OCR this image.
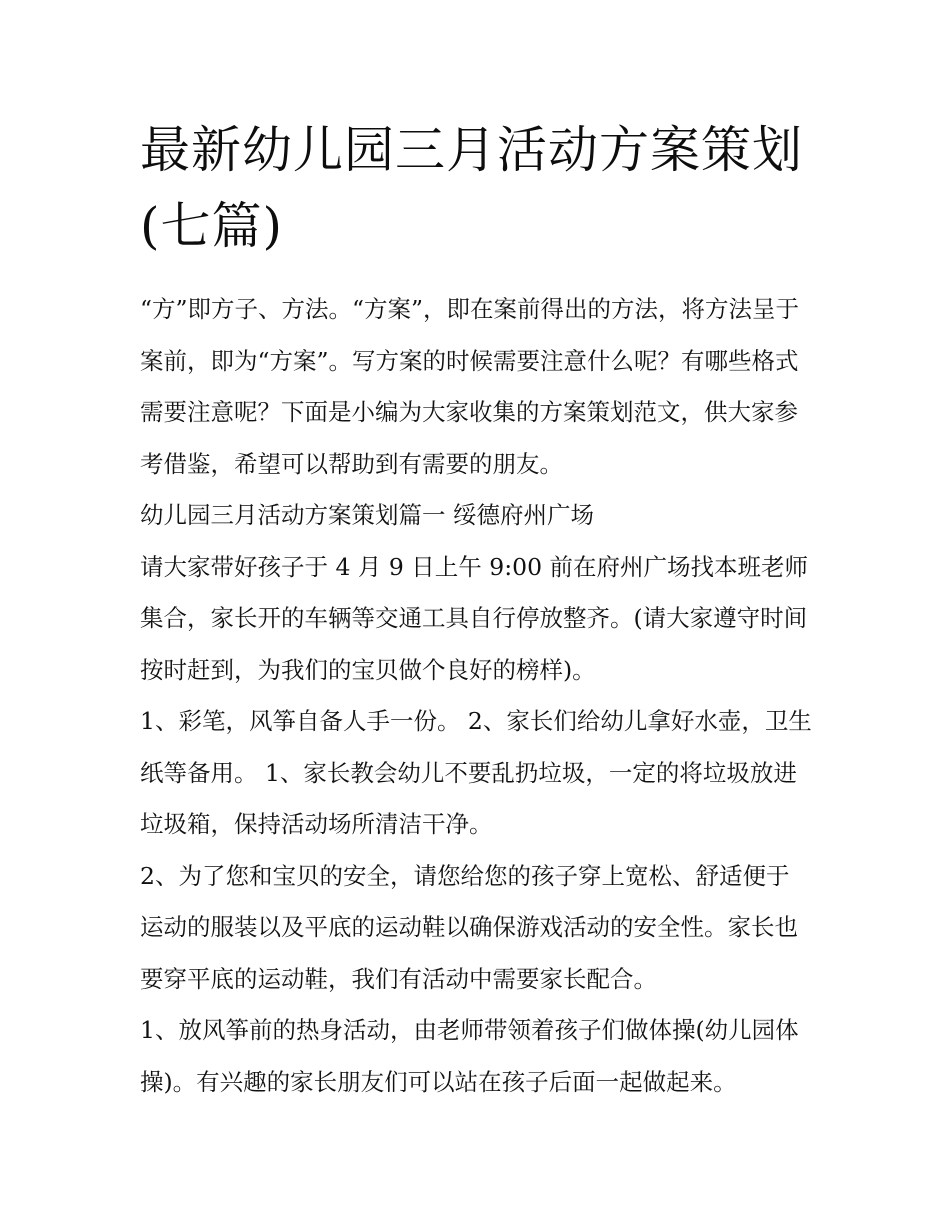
最新幼儿园三月活动方案策划(七篇)

“方”即方子、方法。“方案”，即在案前得出的方法，将方法呈于案前，即为“方案”。写方案的时候需要注意什么呢？有哪些格式需要注意呢？下面是小编为大家收集的方案策划范文，供大家参考借鉴，希望可以帮助到有需要的朋友。

幼儿园三月活动方案策划篇一 绥德府州广场

请大家带好孩子于 4 月 9 日上午 9:00 前在府州广场找本班老师集合，家长开的车辆等交通工具自行停放整齐。(请大家遵守时间按时赶到，为我们的宝贝做个良好的榜样)。

1、彩笔，风筝自备人手一份。 2、家长们给幼儿拿好水壶，卫生纸等备用。 1、家长教会幼儿不要乱扔垃圾，一定的将垃圾放进垃圾箱，保持活动场所清洁干净。

2、为了您和宝贝的安全，请您给您的孩子穿上宽松、舒适便于运动的服装以及平底的运动鞋以确保游戏活动的安全性。家长也要穿平底的运动鞋，我们有活动中需要家长配合。

1、放风筝前的热身活动，由老师带领着孩子们做体操(幼儿园体操)。有兴趣的家长朋友们可以站在孩子后面一起做起来。
